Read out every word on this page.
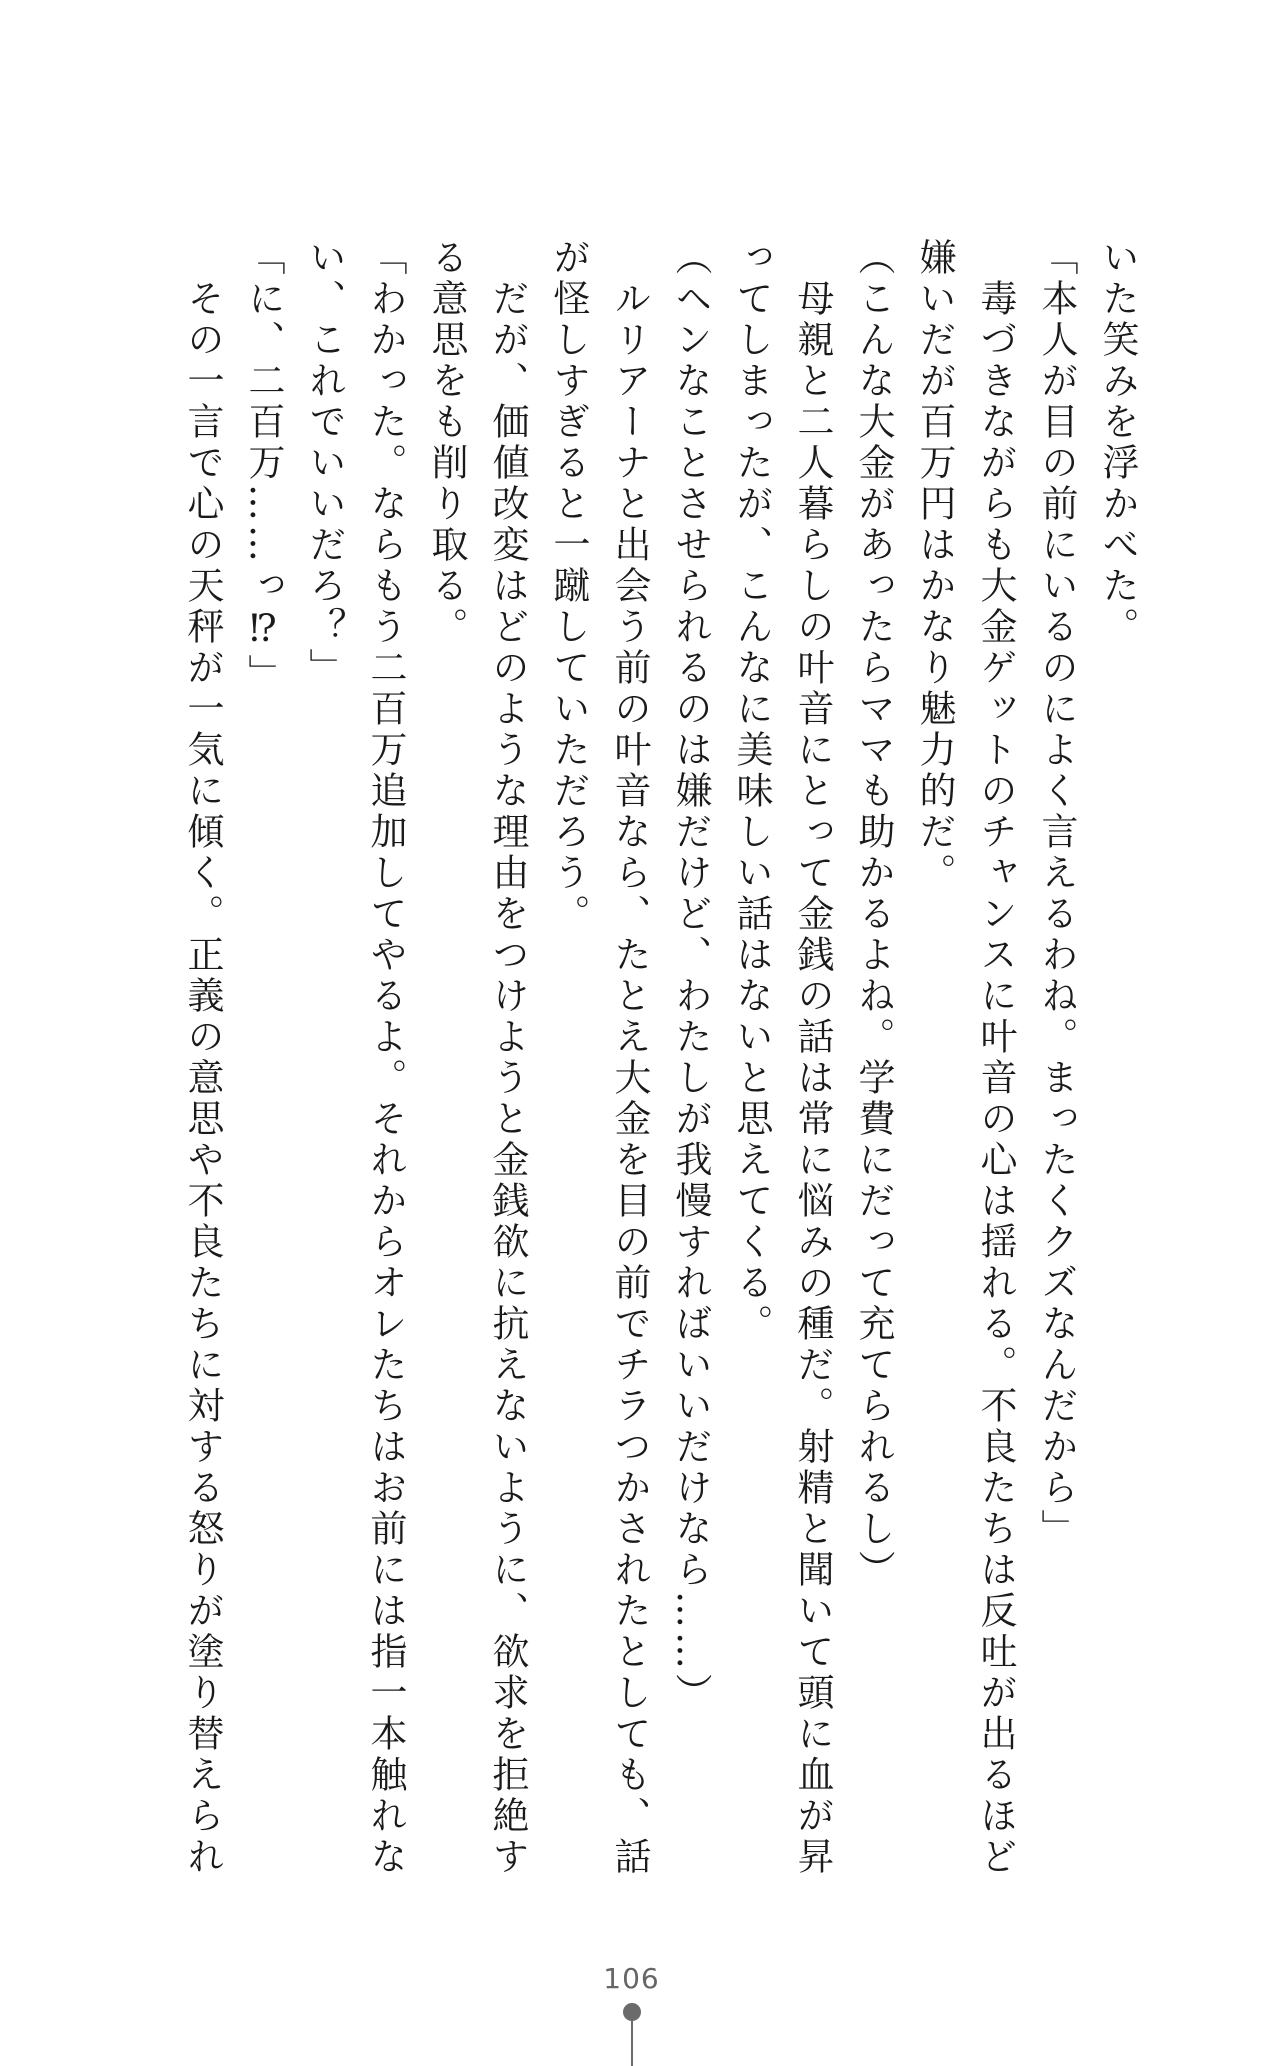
いた笑みを浮かべた。

「本人が目の前にいるのによく言えるわね。まったくクズなんだから」

　毒づきながらも大金ゲットのチャンスに叶音の心は揺れる。不良たちは反吐が出るほど

嫌いだが百万円はかなり魅力的だ。

（こんな大金があったらママも助かるよね。学費にだって充てられるし）

　母親と二人暮らしの叶音にとって金銭の話は常に悩みの種だ。射精と聞いて頭に血が昇

ってしまったが、こんなに美味しい話はないと思えてくる。

（ヘンなことさせられるのは嫌だけど、わたしが我慢すればいいだけなら……）

　ルリアーナと出会う前の叶音なら、たとえ大金を目の前でチラつかされたとしても、話

が怪しすぎると一蹴していただろう。

　だが、価値改変はどのような理由をつけようと金銭欲に抗えないように、欲求を拒絶す

る意思をも削り取る。

「わかった。ならもう二百万追加してやるよ。それからオレたちはお前には指一本触れな

い、これでいいだろ？」

「に、二百万……っ⁉」

　その一言で心の天秤が一気に傾く。正義の意思や不良たちに対する怒りが塗り替えられ

106
